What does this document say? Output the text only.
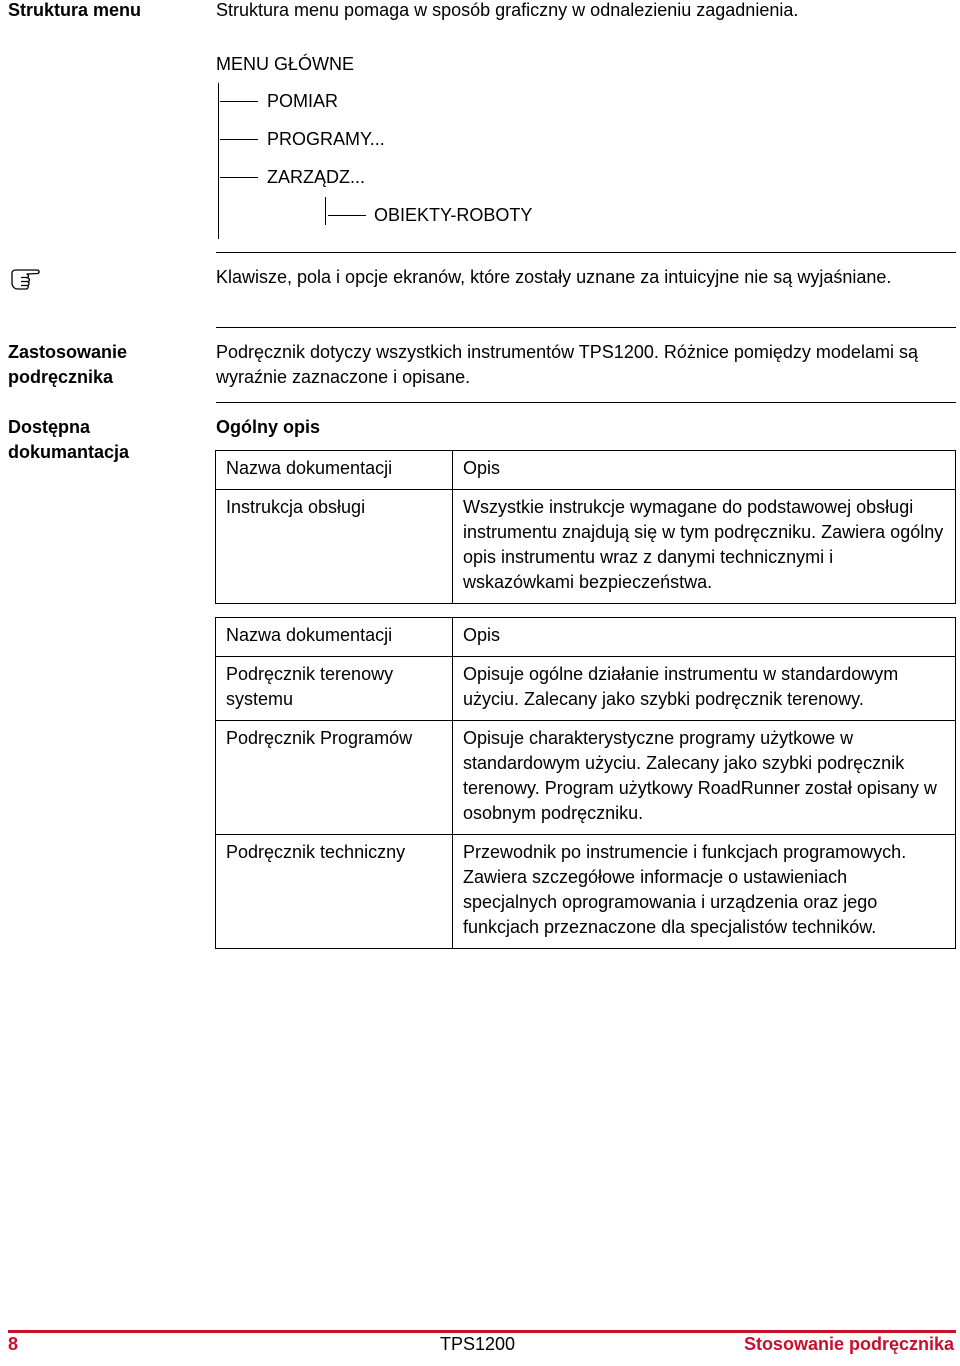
Struktura menu	Struktura menu pomaga w sposób graficzny w odnalezieniu zagadnienia.
MENU GŁÓWNE
POMIAR
PROGRAMY...
ZARZĄDZ...
OBIEKTY-ROBOTY
Klawisze, pola i opcje ekranów, które zostały uznane za intuicyjne nie są wyjaśniane.
Zastosowanie podręcznika
Podręcznik dotyczy wszystkich instrumentów TPS1200. Różnice pomiędzy modelami są wyraźnie zaznaczone i opisane.
Dostępna dokumantacja
Ogólny opis
Nazwa dokumentacji	Opis
Instrukcja obsługi	Wszystkie instrukcje wymagane do podstawowej obsługi instrumentu znajdują się w tym podręczniku. Zawiera ogólny opis instrumentu wraz z danymi technicznymi i wskazówkami bezpieczeństwa.
Nazwa dokumentacji	Opis
Podręcznik terenowy systemu	Opisuje ogólne działanie instrumentu w standardowym użyciu. Zalecany jako szybki podręcznik terenowy.
Podręcznik Programów	Opisuje charakterystyczne programy użytkowe w standardowym użyciu. Zalecany jako szybki podręcznik terenowy. Program użytkowy RoadRunner został opisany w osobnym podręczniku.
Podręcznik techniczny	Przewodnik po instrumencie i funkcjach programowych. Zawiera szczegółowe informacje o ustawieniach specjalnych oprogramowania i urządzenia oraz jego funkcjach przeznaczone dla specjalistów techników.
8	TPS1200	Stosowanie podręcznika
